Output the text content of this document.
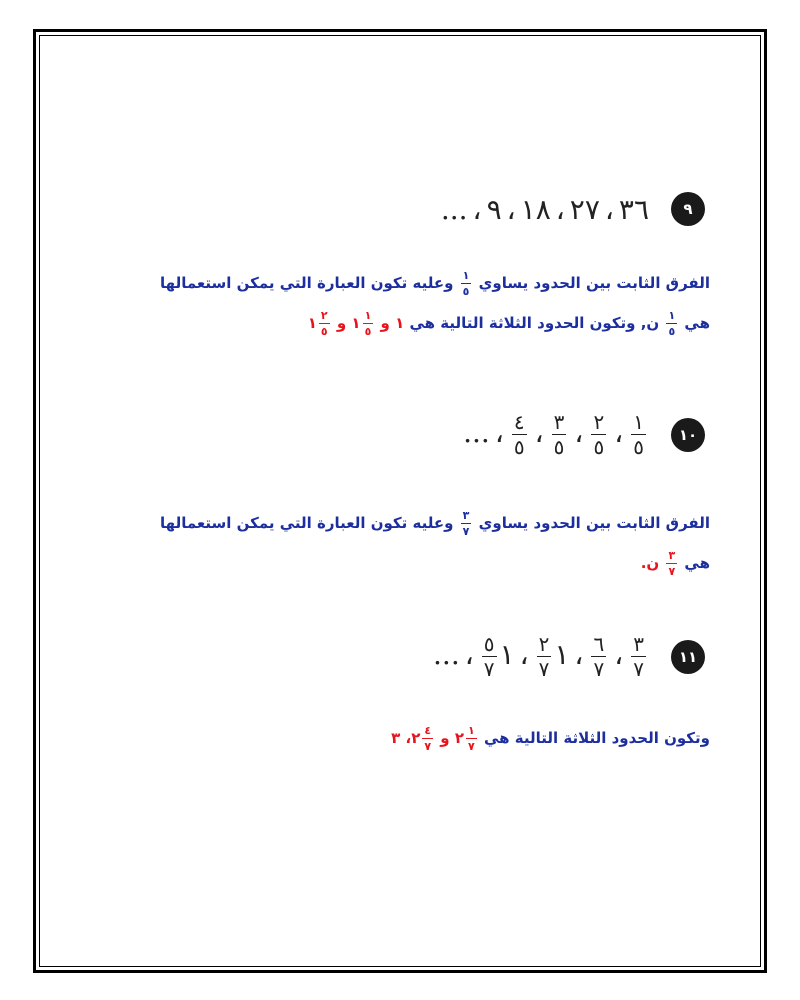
٩ ٩ ، ١٨ ، ٢٧ ، ٣٦،...
الفرق الثابت بين الحدود يساوي
$\frac{١}{٥}$
وعليه تكون العبارة التي يمكن استعمالها
هي
$\frac{١}{٥}$
ن, وتكون الحدود الثلاثة التالية هي ١ و
$\frac{١}{٥}$
١ و
$\frac{٢}{٥}$
١
١٠
$\frac{١}{٥}$
،
$\frac{٢}{٥}$
،
$\frac{٣}{٥}$
،
$\frac{٤}{٥}$
،...
الفرق الثابت بين الحدود يساوي
$\frac{٣}{٧}$
وعليه تكون العبارة التي يمكن استعمالها
هي
$\frac{٣}{٧}$
ن.
١١
$\frac{٣}{٧}$
،
$\frac{٦}{٧}$
،١
$\frac{٢}{٧}$
،١
$\frac{٥}{٧}$
،...
وتكون الحدود الثلاثة التالية هي
$\frac{١}{٧}$
٢ و
$\frac{٤}{٧}$
٢، ٣
